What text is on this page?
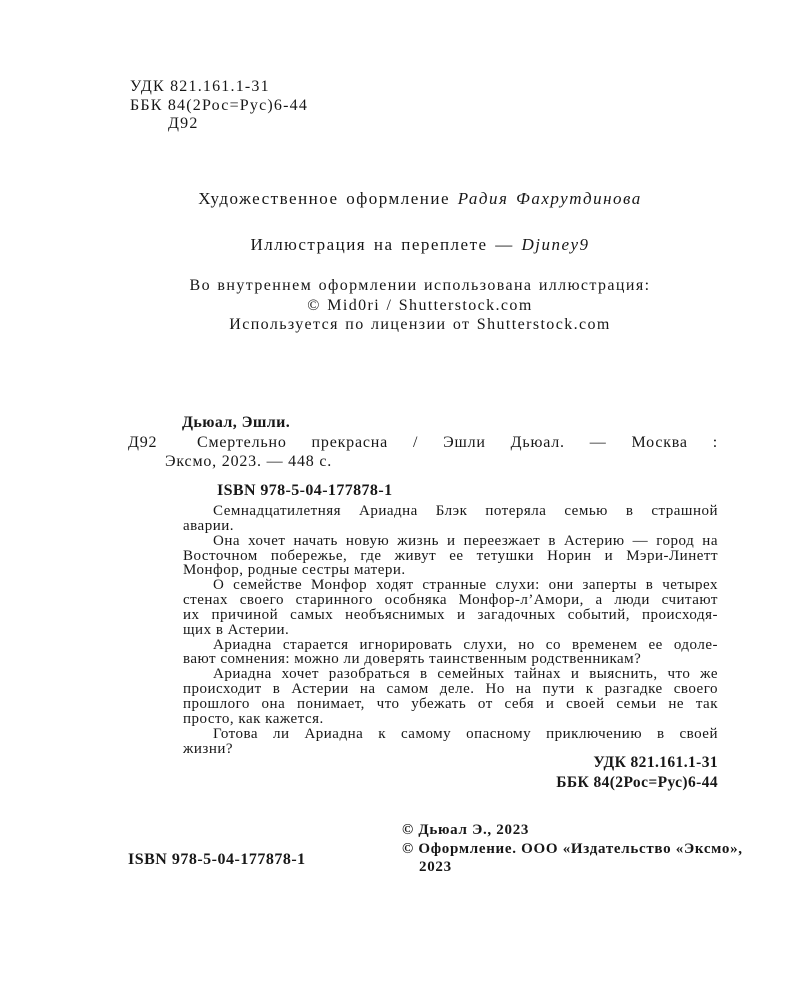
УДК 821.161.1-31
ББК 84(2Рос=Рус)6-44
Д92
Художественное оформление Радия Фахрутдинова
Иллюстрация на переплете — Djuney9
Во внутреннем оформлении использована иллюстрация:
© Mid0ri / Shutterstock.com
Используется по лицензии от Shutterstock.com
Дьюал, Эшли.
Д92 Смертельно прекрасна / Эшли Дьюал. — Москва :
Эксмо, 2023. — 448 с.
ISBN 978-5-04-177878-1
Семнадцатилетняя Ариадна Блэк потеряла семью в страшной
аварии.
Она хочет начать новую жизнь и переезжает в Астерию — город на
Восточном побережье, где живут ее тетушки Норин и Мэри-Линетт
Монфор, родные сестры матери.
О семействе Монфор ходят странные слухи: они заперты в четырех
стенах своего старинного особняка Монфор-л’Амори, а люди считают
их причиной самых необъяснимых и загадочных событий, происходя-
щих в Астерии.
Ариадна старается игнорировать слухи, но со временем ее одоле-
вают сомнения: можно ли доверять таинственным родственникам?
Ариадна хочет разобраться в семейных тайнах и выяснить, что же
происходит в Астерии на самом деле. Но на пути к разгадке своего
прошлого она понимает, что убежать от себя и своей семьи не так
просто, как кажется.
Готова ли Ариадна к самому опасному приключению в своей
жизни?
УДК 821.161.1-31
ББК 84(2Рос=Рус)6-44
© Дьюал Э., 2023
© Оформление. ООО «Издательство «Эксмо»,
2023
ISBN 978-5-04-177878-1
